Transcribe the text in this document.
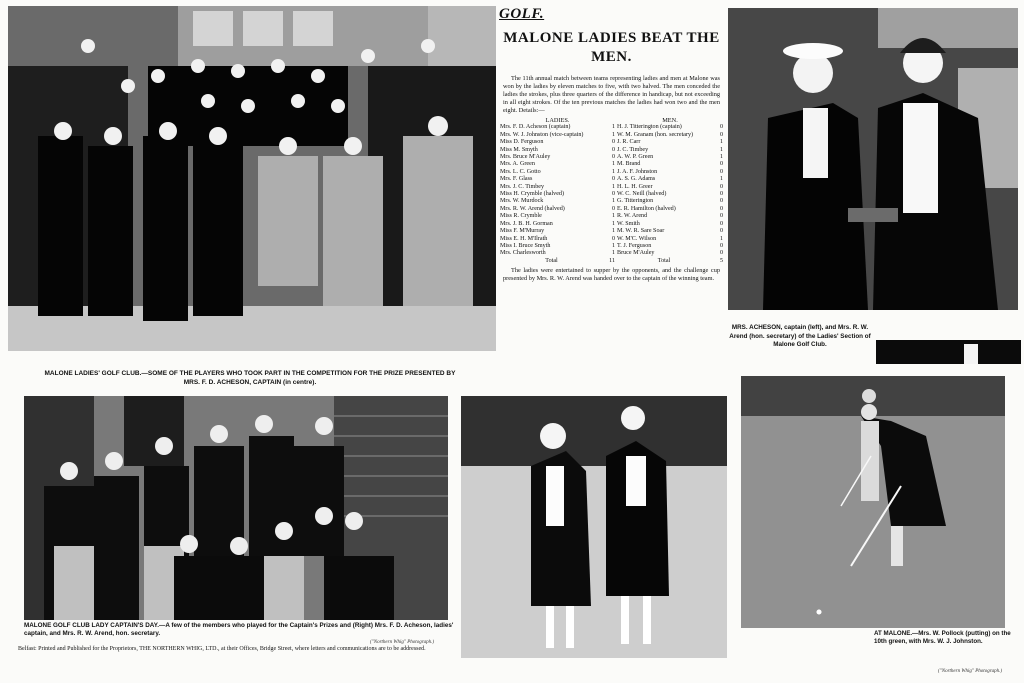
MALONE LADIES' GOLF CLUB.—SOME OF THE PLAYERS WHO TOOK PART IN THE COMPETITION FOR THE PRIZE PRESENTED BY MRS. F. D. ACHESON, CAPTAIN (in centre).
GOLF.
MALONE LADIES BEAT THE
MEN.
The 11th annual match between teams representing ladies and men at Malone was won by the ladies by eleven matches to five, with two halved. The men conceded the ladies the strokes, plus three quarters of the difference in handicap, but not exceeding in all eight strokes. Of the ten previous matches the ladies had won two and the men eight. Details:—
LADIES.		MEN.	
Mrs. F. D. Acheson (captain)	1	H. J. Titterington (captain)	0
Mrs. W. J. Johnston (vice-captain)	1	W. M. Granam (hon. secretary)	0
Miss D. Ferguson	0	J. R. Carr	1
Miss M. Smyth	0	J. C. Timbey	1
Mrs. Bruce M'Auley	0	A. W. P. Green	1
Mrs. A. Green	1	M. Brand	0
Mrs. L. C. Gotto	1	J. A. F. Johnston	0
Mrs. F. Glass	0	A. S. G. Adams	1
Mrs. J. C. Timbey	1	H. L. H. Greer	0
Miss H. Crymble (halved)	0	W. C. Neill (halved)	0
Mrs. W. Murdock	1	G. Titterington	0
Mrs. R. W. Arend (halved)	0	E. R. Hamilton (halved)	0
Miss R. Crymble	1	R. W. Arend	0
Mrs. J. B. H. Gorman	1	W. Smith	0
Miss F. M'Murray	1	M. W. R. Sare Soar	0
Miss E. H. M'Ilrath	0	W. M'C. Wilson	1
Miss I. Bruce Smyth	1	T. J. Ferguson	0
Mrs. Charlesworth	1	Bruce M'Auley	0
Total	11	Total	5
The ladies were entertained to supper by the opponents, and the challenge cup presented by Mrs. R. W. Arend was handed over to the captain of the winning team.
MRS. ACHESON, captain (left), and Mrs. R. W. Arend (hon. secretary) of the Ladies' Section of Malone Golf Club.
MALONE GOLF CLUB LADY CAPTAIN'S DAY.—A few of the members who played for the Captain's Prizes and (Right) Mrs. F. D. Acheson, ladies' captain, and Mrs. R. W. Arend, hon. secretary.
("Northern Whig" Photograph.)
AT MALONE.—Mrs. W. Pollock (putting) on the 10th green, with Mrs. W. J. Johnston.
("Northern Whig" Photograph.)
Belfast: Printed and Published for the Proprietors, THE NORTHERN WHIG, LTD., at their Offices, Bridge Street, where letters and communications are to be addressed.
